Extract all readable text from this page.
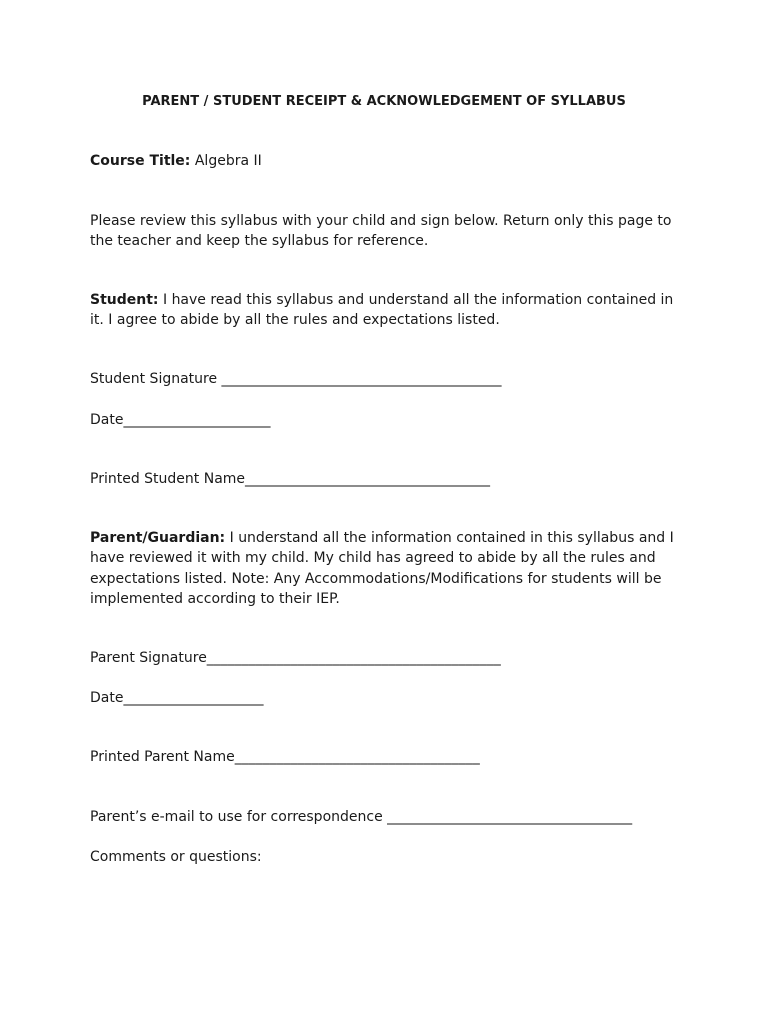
PARENT / STUDENT RECEIPT & ACKNOWLEDGEMENT OF SYLLABUS
Course Title: Algebra II
Please review this syllabus with your child and sign below. Return only this page to
the teacher and keep the syllabus for reference.
Student: I have read this syllabus and understand all the information contained in
it. I agree to abide by all the rules and expectations listed.
Student Signature ________________________________________
Date_____________________
Printed Student Name___________________________________
Parent/Guardian: I understand all the information contained in this syllabus and I
have reviewed it with my child. My child has agreed to abide by all the rules and
expectations listed. Note: Any Accommodations/Modifications for students will be
implemented according to their IEP.
Parent Signature__________________________________________
Date____________________
Printed Parent Name___________________________________
Parent’s e-mail to use for correspondence ___________________________________
Comments or questions:
